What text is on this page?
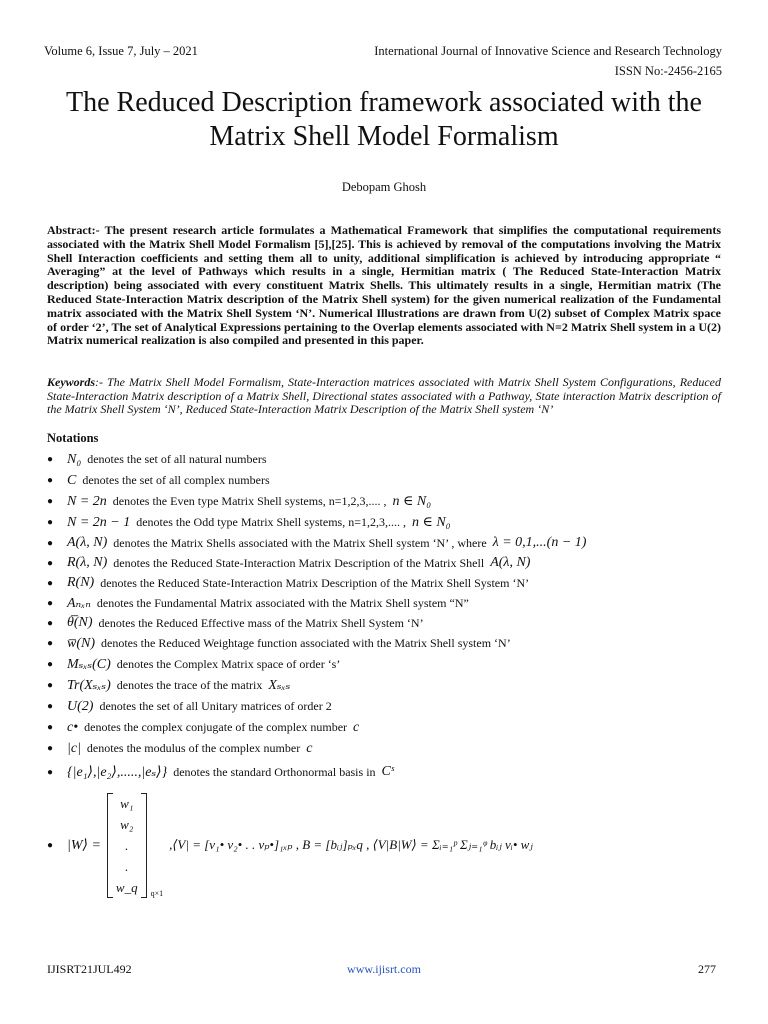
Volume 6, Issue 7, July – 2021	International Journal of Innovative Science and Research Technology
ISSN No:-2456-2165
The Reduced Description framework associated with the Matrix Shell Model Formalism
Debopam Ghosh
Abstract:- The present research article formulates a Mathematical Framework that simplifies the computational requirements associated with the Matrix Shell Model Formalism [5],[25]. This is achieved by removal of the computations involving the Matrix Shell Interaction coefficients and setting them all to unity, additional simplification is achieved by introducing appropriate “ Averaging” at the level of Pathways which results in a single, Hermitian matrix ( The Reduced State-Interaction Matrix description) being associated with every constituent Matrix Shells. This ultimately results in a single, Hermitian matrix (The Reduced State-Interaction Matrix description of the Matrix Shell system) for the given numerical realization of the Fundamental matrix associated with the Matrix Shell System ‘N’. Numerical Illustrations are drawn from U(2) subset of Complex Matrix space of order ‘2’, The set of Analytical Expressions pertaining to the Overlap elements associated with N=2 Matrix Shell system in a U(2) Matrix numerical realization is also compiled and presented in this paper.
Keywords:- The Matrix Shell Model Formalism, State-Interaction matrices associated with Matrix Shell System Configurations, Reduced State-Interaction Matrix description of a Matrix Shell, Directional states associated with a Pathway, State interaction Matrix description of the Matrix Shell System ‘N’, Reduced State-Interaction Matrix Description of the Matrix Shell system ‘N’
Notations
● N₀ denotes the set of all natural numbers
● C denotes the set of all complex numbers
● N = 2n denotes the Even type Matrix Shell systems, n=1,2,3,.... , n ∈ N₀
● N = 2n − 1 denotes the Odd type Matrix Shell systems, n=1,2,3,.... , n ∈ N₀
● A(λ, N) denotes the Matrix Shells associated with the Matrix Shell system ‘N’ , where λ = 0,1,...(n − 1)
● R(λ, N) denotes the Reduced State-Interaction Matrix Description of the Matrix Shell A(λ, N)
● R(N) denotes the Reduced State-Interaction Matrix Description of the Matrix Shell System ‘N’
● Aₙₓₙ denotes the Fundamental Matrix associated with the Matrix Shell system “N”
● θ̅(N) denotes the Reduced Effective mass of the Matrix Shell System ‘N’
● w̅(N) denotes the Reduced Weightage function associated with the Matrix Shell system ‘N’
● Mₛₓₛ(C) denotes the Complex Matrix space of order ‘s’
● Tr(Xₛₓₛ) denotes the trace of the matrix Xₛₓₛ
● U(2) denotes the set of all Unitary matrices of order 2
● c• denotes the complex conjugate of the complex number c
● |c| denotes the modulus of the complex number c
● {|e₁⟩,|e₂⟩,.....,|eₛ⟩} denotes the standard Orthonormal basis in Cˢ
● |W⟩ =
w₁
w₂
.
.
w_q q×1
,⟨V| = [v₁• v₂• . . vₚ•]₁ₓₚ , B = [bᵢⱼ]ₚₓq , ⟨V|B|W⟩ = Σᵢ₌₁ᵖ Σⱼ₌₁ᵠ bᵢⱼ vᵢ• wⱼ
IJISRT21JUL492	www.ijisrt.com	277
